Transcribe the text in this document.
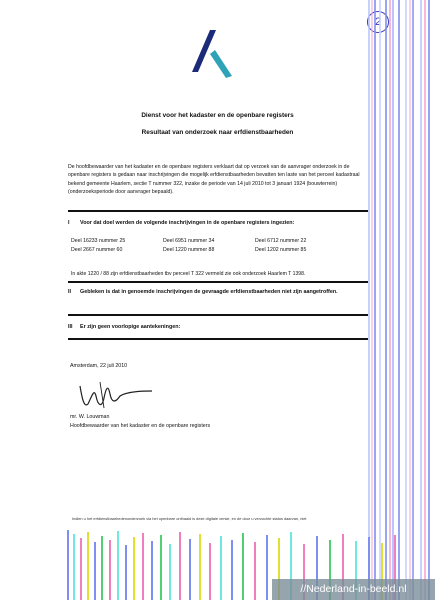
2
Dienst voor het kadaster en de openbare registers
Resultaat van onderzoek naar erfdienstbaarheden
De hoofdbewaarder van het kadaster en de openbare registers verklaart dat op verzoek van de aanvrager onderzoek in de openbare registers is gedaan naar inschrijvingen die mogelijk erfdienstbaarheden bevatten ten laste van het perceel kadastraal bekend gemeente Haarlem, sectie T nummer 322, inzake de periode van 14 juli 2010 tot 3 januari 1924 (bouwterrein) (onderzoeksperiode door aanvrager bepaald).
I Voor dat doel werden de volgende inschrijvingen in de openbare registers ingezien:
Deel 16233 nummer 25	Deel 6951 nummer 34	Deel 6712 nummer 22
Deel 2667 nummer 60	Deel 1220 nummer 88	Deel 1202 nummer 85
In akte 1220 / 88 zijn erfdienstbaarheden tbv perceel T 322 vermeld zie ook onderzoek Haarlem T 1398.
II Gebleken is dat in genoemde inschrijvingen de gevraagde erfdienstbaarheden niet zijn aangetroffen.
III Er zijn geen voorlopige aantekeningen:
Amsterdam, 22 juli 2010
mr. W. Louwman
Hoofdbewaarder van het kadaster en de openbare registers
Indien u het erfdienstbaarhedenonderzoek via het openbare onthaald is deze digitale versie, en de door u verzochte status daarvan, niet
//Nederland-in-beeld.nl
